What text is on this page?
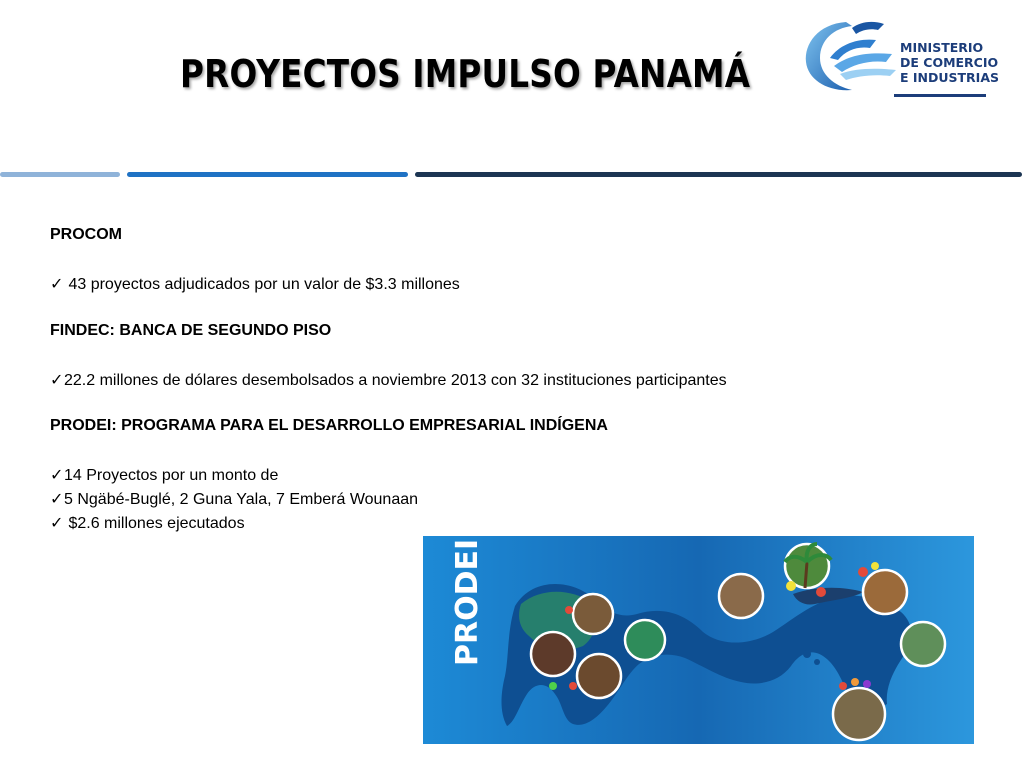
PROYECTOS IMPULSO PANAMÁ
MINISTERIO
DE COMERCIO
E INDUSTRIAS
PROCOM
✓ 43 proyectos adjudicados por un valor de $3.3 millones
FINDEC: BANCA DE SEGUNDO PISO
✓22.2 millones de dólares desembolsados a noviembre 2013 con 32 instituciones participantes
PRODEI: PROGRAMA PARA EL DESARROLLO EMPRESARIAL INDÍGENA
✓14 Proyectos por un monto de
✓5 Ngäbé-Buglé, 2 Guna Yala, 7 Emberá Wounaan
✓ $2.6 millones ejecutados
PRODEI
